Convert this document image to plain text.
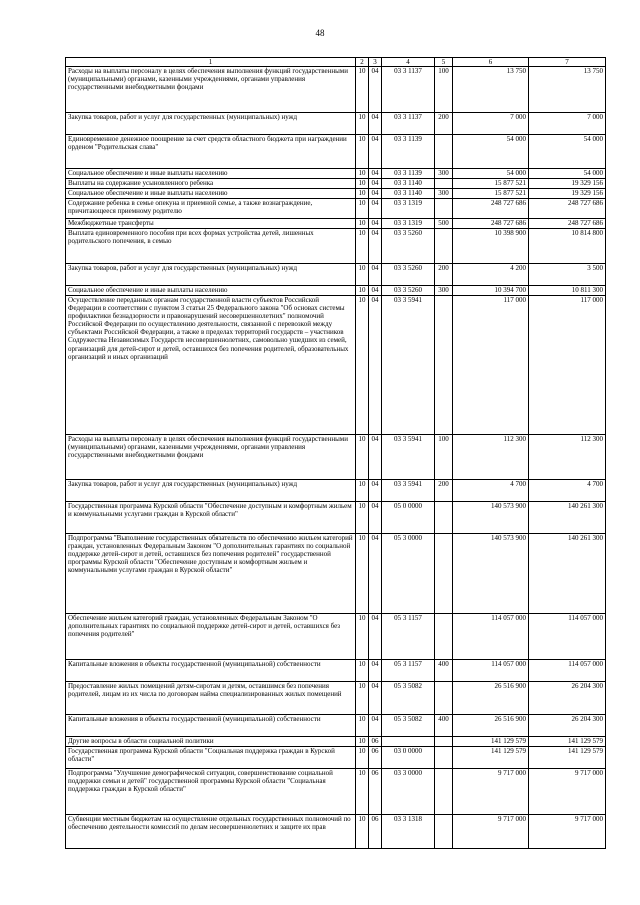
48
1	2	3	4	5	6	7
Расходы на выплаты персоналу в целях обеспечения выполнения функций государственными (муниципальными) органами, казенными учреждениями, органами управления государственными внебюджетными фондами	10	04	03 3 1137	100	13 750	13 750
Закупка товаров, работ и услуг для государственных (муниципальных) нужд	10	04	03 3 1137	200	7 000	7 000
Единовременное денежное поощрение за счет средств областного бюджета при награждении орденом "Родительская слава"	10	04	03 3 1139		54 000	54 000
Социальное обеспечение и иные выплаты населению	10	04	03 3 1139	300	54 000	54 000
Выплаты на содержание усыновленного ребенка	10	04	03 3 1140		15 877 521	19 329 156
Социальное обеспечение и иные выплаты населению	10	04	03 3 1140	300	15 877 521	19 329 156
Содержание ребенка в семье опекуна и приемной семье, а также вознаграждение, причитающееся приемному родителю	10	04	03 3 1319		248 727 686	248 727 686
Межбюджетные трансферты	10	04	03 3 1319	500	248 727 686	248 727 686
Выплата единовременного пособия при всех формах устройства детей, лишенных родительского попечения, в семью	10	04	03 3 5260		10 398 900	10 814 800
Закупка товаров, работ и услуг для государственных (муниципальных) нужд	10	04	03 3 5260	200	4 200	3 500
Социальное обеспечение и иные выплаты населению	10	04	03 3 5260	300	10 394 700	10 811 300
Осуществление переданных органам государственной власти субъектов Российской Федерации в соответствии с пунктом 3 статьи 25 Федерального закона "Об основах системы профилактики безнадзорности и правонарушений несовершеннолетних" полномочий Российской Федерации по осуществлению деятельности, связанной с перевозкой между субъектами Российской Федерации, а также в пределах территорий государств – участников Содружества Независимых Государств несовершеннолетних, самовольно ушедших из семей, организаций для детей-сирот и детей, оставшихся без попечения родителей, образовательных организаций и иных организаций	10	04	03 3 5941		117 000	117 000
Расходы на выплаты персоналу в целях обеспечения выполнения функций государственными (муниципальными) органами, казенными учреждениями, органами управления государственными внебюджетными фондами	10	04	03 3 5941	100	112 300	112 300
Закупка товаров, работ и услуг для государственных (муниципальных) нужд	10	04	03 3 5941	200	4 700	4 700
Государственная программа Курской области "Обеспечение доступным и комфортным жильем и коммунальными услугами граждан в Курской области"	10	04	05 0 0000		140 573 900	140 261 300
Подпрограмма "Выполнение государственных обязательств по обеспечению жильем категорий граждан, установленных Федеральным Законом "О дополнительных гарантиях по социальной поддержке детей-сирот и детей, оставшихся без попечения родителей" государственной программы Курской области "Обеспечение доступным и комфортным жильем и коммунальными услугами граждан в Курской области"	10	04	05 3 0000		140 573 900	140 261 300
Обеспечение жильем категорий граждан, установленных Федеральным Законом "О дополнительных гарантиях по социальной поддержке детей-сирот и детей, оставшихся без попечения родителей"	10	04	05 3 1157		114 057 000	114 057 000
Капитальные вложения в объекты государственной (муниципальной) собственности	10	04	05 3 1157	400	114 057 000	114 057 000
Предоставление жилых помещений детям-сиротам и детям, оставшимся без попечения родителей, лицам из их числа по договорам найма специализированных жилых помещений	10	04	05 3 5082		26 516 900	26 204 300
Капитальные вложения в объекты государственной (муниципальной) собственности	10	04	05 3 5082	400	26 516 900	26 204 300
Другие вопросы в области социальной политики	10	06			141 129 579	141 129 579
Государственная программа Курской области "Социальная поддержка граждан в Курской области"	10	06	03 0 0000		141 129 579	141 129 579
Подпрограмма "Улучшение демографической ситуации, совершенствование социальной поддержки семьи и детей" государственной программы Курской области "Социальная поддержка граждан в Курской области"	10	06	03 3 0000		9 717 000	9 717 000
Субвенции местным бюджетам на осуществление отдельных государственных полномочий по обеспечению деятельности комиссий по делам несовершеннолетних и защите их прав	10	06	03 3 1318		9 717 000	9 717 000
